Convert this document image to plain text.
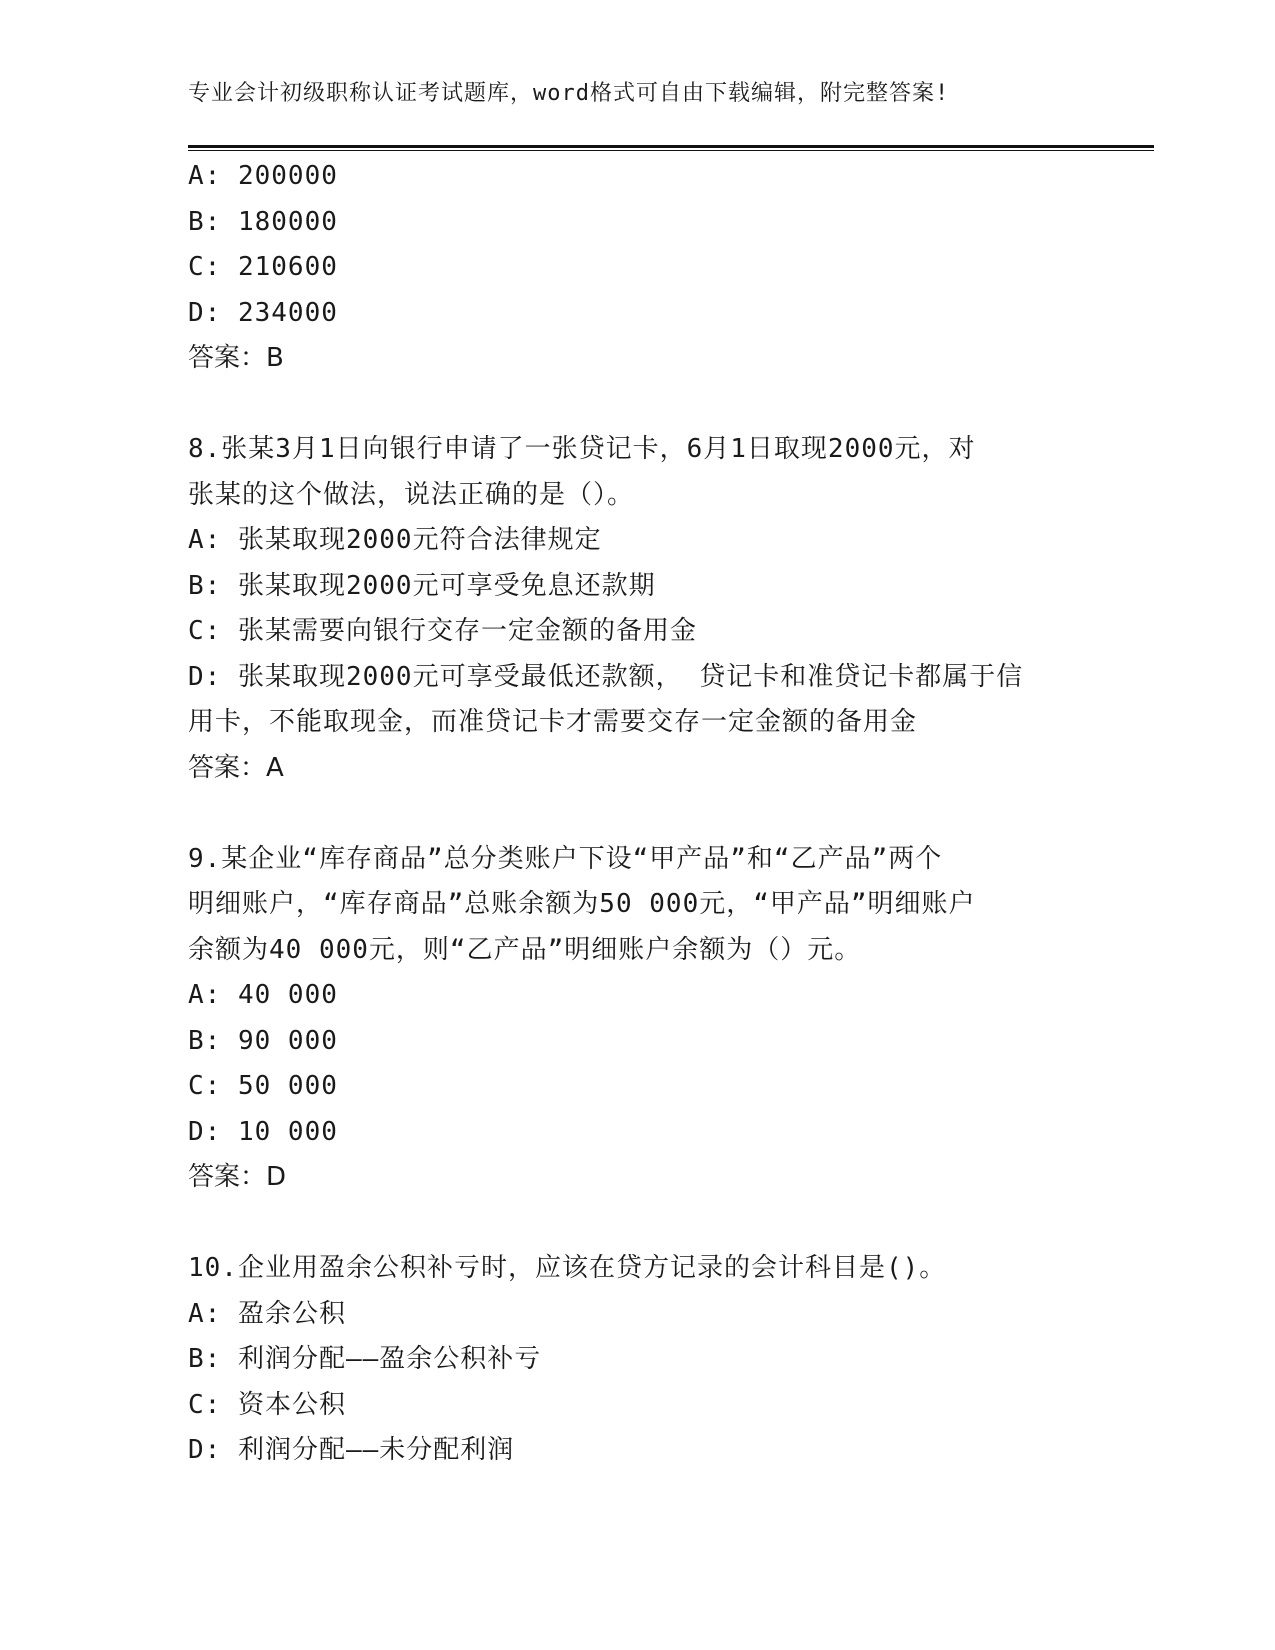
专业会计初级职称认证考试题库，word格式可自由下载编辑，附完整答案!
A: 200000
B: 180000
C: 210600
D: 234000
答案：B
8.张某3月1日向银行申请了一张贷记卡，6月1日取现2000元，对
张某的这个做法，说法正确的是（）。
A: 张某取现2000元符合法律规定
B: 张某取现2000元可享受免息还款期
C: 张某需要向银行交存一定金额的备用金
D: 张某取现2000元可享受最低还款额， 贷记卡和准贷记卡都属于信
用卡，不能取现金，而准贷记卡才需要交存一定金额的备用金
答案：A
9.某企业“库存商品”总分类账户下设“甲产品”和“乙产品”两个
明细账户，“库存商品”总账余额为50 000元，“甲产品”明细账户
余额为40 000元，则“乙产品”明细账户余额为（）元。
A: 40 000
B: 90 000
C: 50 000
D: 10 000
答案：D
10.企业用盈余公积补亏时，应该在贷方记录的会计科目是()。
A: 盈余公积
B: 利润分配——盈余公积补亏
C: 资本公积
D: 利润分配——未分配利润
